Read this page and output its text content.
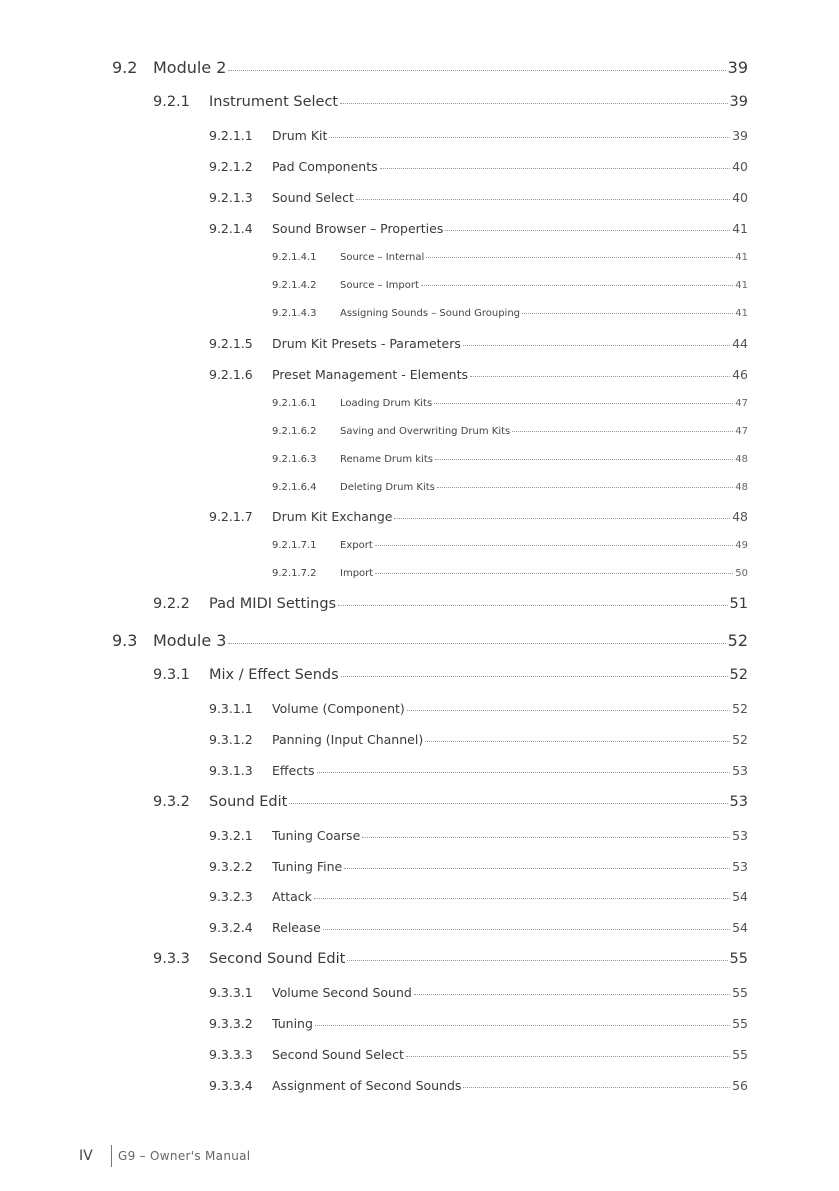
9.2 Module 2	39
9.2.1	Instrument Select	39
9.2.1.1	Drum Kit	39
9.2.1.2	Pad Components	40
9.2.1.3	Sound Select	40
9.2.1.4	Sound Browser – Properties	41
9.2.1.4.1	Source – Internal	41
9.2.1.4.2	Source – Import	41
9.2.1.4.3	Assigning Sounds – Sound Grouping	41
9.2.1.5	Drum Kit Presets - Parameters	44
9.2.1.6	Preset Management - Elements	46
9.2.1.6.1	Loading Drum Kits	47
9.2.1.6.2	Saving and Overwriting Drum Kits	47
9.2.1.6.3	Rename Drum kits	48
9.2.1.6.4	Deleting Drum Kits	48
9.2.1.7	Drum Kit Exchange	48
9.2.1.7.1	Export	49
9.2.1.7.2	Import	50
9.2.2	Pad MIDI Settings	51
9.3 Module 3	52
9.3.1	Mix / Effect Sends	52
9.3.1.1	Volume (Component)	52
9.3.1.2	Panning (Input Channel)	52
9.3.1.3	Effects	53
9.3.2	Sound Edit	53
9.3.2.1	Tuning Coarse	53
9.3.2.2	Tuning Fine	53
9.3.2.3	Attack	54
9.3.2.4	Release	54
9.3.3	Second Sound Edit	55
9.3.3.1	Volume Second Sound	55
9.3.3.2	Tuning	55
9.3.3.3	Second Sound Select	55
9.3.3.4	Assignment of Second Sounds	56
IV	G9 – Owner's Manual
